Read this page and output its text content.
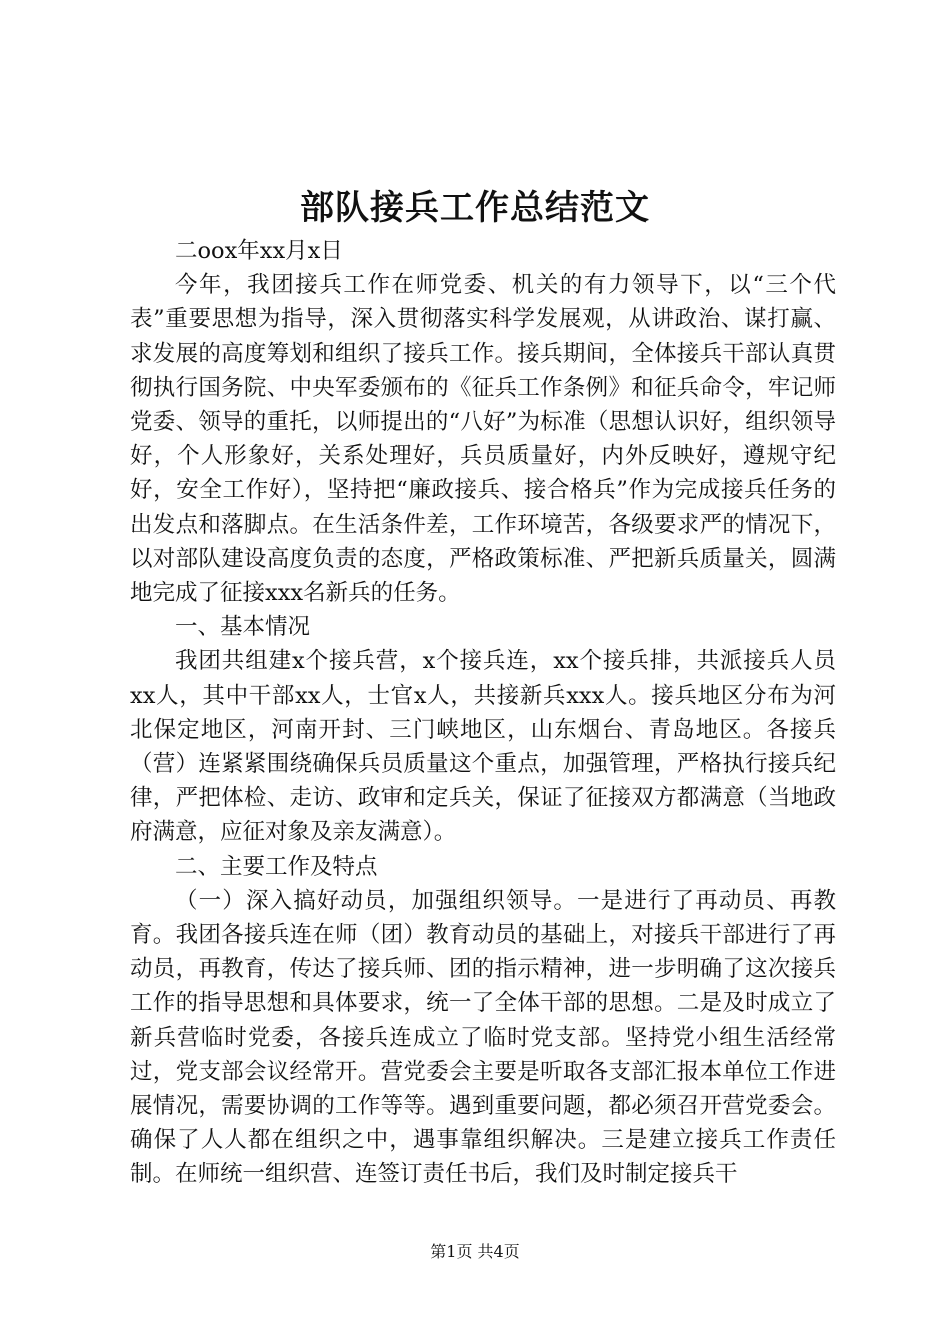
部队接兵工作总结范文

二oox年xx月x日

今年，我团接兵工作在师党委、机关的有力领导下，以“三个代表”重要思想为指导，深入贯彻落实科学发展观，从讲政治、谋打赢、求发展的高度筹划和组织了接兵工作。接兵期间，全体接兵干部认真贯彻执行国务院、中央军委颁布的《征兵工作条例》和征兵命令，牢记师党委、领导的重托，以师提出的“八好”为标准（思想认识好，组织领导好，个人形象好，关系处理好，兵员质量好，内外反映好，遵规守纪好，安全工作好），坚持把“廉政接兵、接合格兵”作为完成接兵任务的出发点和落脚点。在生活条件差，工作环境苦，各级要求严的情况下，以对部队建设高度负责的态度，严格政策标准、严把新兵质量关，圆满地完成了征接xxx名新兵的任务。

一、基本情况

我团共组建x个接兵营，x个接兵连，xx个接兵排，共派接兵人员xx人，其中干部xx人，士官x人，共接新兵xxx人。接兵地区分布为河北保定地区，河南开封、三门峡地区，山东烟台、青岛地区。各接兵（营）连紧紧围绕确保兵员质量这个重点，加强管理，严格执行接兵纪律，严把体检、走访、政审和定兵关，保证了征接双方都满意（当地政府满意，应征对象及亲友满意）。

二、主要工作及特点

（一）深入搞好动员，加强组织领导。一是进行了再动员、再教育。我团各接兵连在师（团）教育动员的基础上，对接兵干部进行了再动员，再教育，传达了接兵师、团的指示精神，进一步明确了这次接兵工作的指导思想和具体要求，统一了全体干部的思想。二是及时成立了新兵营临时党委，各接兵连成立了临时党支部。坚持党小组生活经常过，党支部会议经常开。营党委会主要是听取各支部汇报本单位工作进展情况，需要协调的工作等等。遇到重要问题，都必须召开营党委会。确保了人人都在组织之中，遇事靠组织解决。三是建立接兵工作责任制。在师统一组织营、连签订责任书后，我们及时制定接兵干

第1页 共4页
